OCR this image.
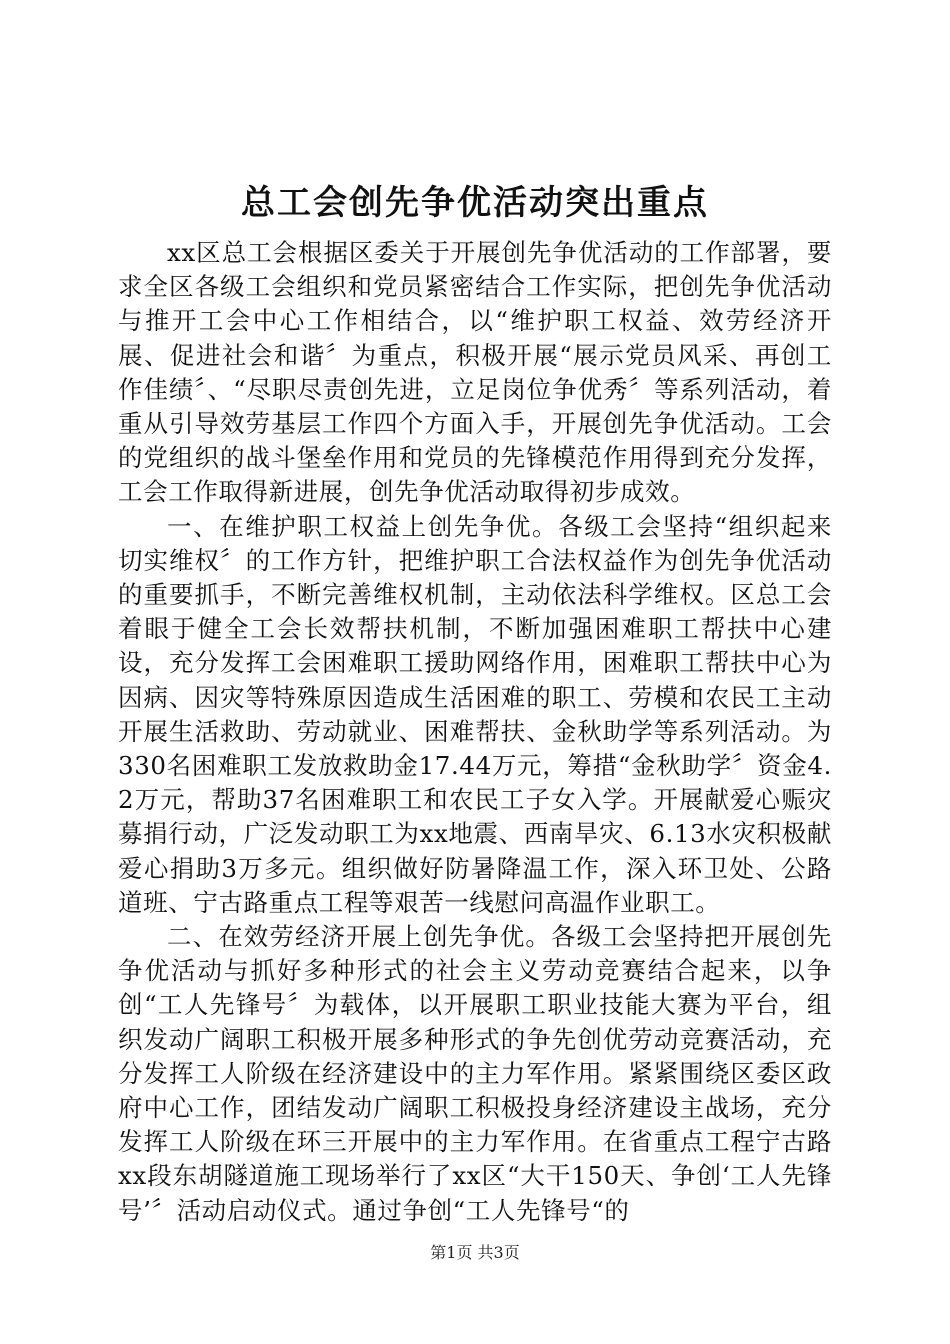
总工会创先争优活动突出重点

xx区总工会根据区委关于开展创先争优活动的工作部署，要求全区各级工会组织和党员紧密结合工作实际，把创先争优活动与推开工会中心工作相结合，以“维护职工权益、效劳经济开展、促进社会和谐〞为重点，积极开展“展示党员风采、再创工作佳绩〞、“尽职尽责创先进，立足岗位争优秀〞等系列活动，着重从引导效劳基层工作四个方面入手，开展创先争优活动。工会的党组织的战斗堡垒作用和党员的先锋模范作用得到充分发挥，工会工作取得新进展，创先争优活动取得初步成效。

一、在维护职工权益上创先争优。各级工会坚持“组织起来切实维权〞的工作方针，把维护职工合法权益作为创先争优活动的重要抓手，不断完善维权机制，主动依法科学维权。区总工会着眼于健全工会长效帮扶机制，不断加强困难职工帮扶中心建设，充分发挥工会困难职工援助网络作用，困难职工帮扶中心为因病、因灾等特殊原因造成生活困难的职工、劳模和农民工主动开展生活救助、劳动就业、困难帮扶、金秋助学等系列活动。为330名困难职工发放救助金17.44万元，筹措“金秋助学〞资金4.2万元，帮助37名困难职工和农民工子女入学。开展献爱心赈灾募捐行动，广泛发动职工为xx地震、西南旱灾、6.13水灾积极献爱心捐助3万多元。组织做好防暑降温工作，深入环卫处、公路道班、宁古路重点工程等艰苦一线慰问高温作业职工。

二、在效劳经济开展上创先争优。各级工会坚持把开展创先争优活动与抓好多种形式的社会主义劳动竞赛结合起来，以争创“工人先锋号〞为载体，以开展职工职业技能大赛为平台，组织发动广阔职工积极开展多种形式的争先创优劳动竞赛活动，充分发挥工人阶级在经济建设中的主力军作用。紧紧围绕区委区政府中心工作，团结发动广阔职工积极投身经济建设主战场，充分发挥工人阶级在环三开展中的主力军作用。在省重点工程宁古路xx段东胡隧道施工现场举行了xx区“大干150天、争创‘工人先锋号’〞活动启动仪式。通过争创“工人先锋号“的

第1页 共3页
